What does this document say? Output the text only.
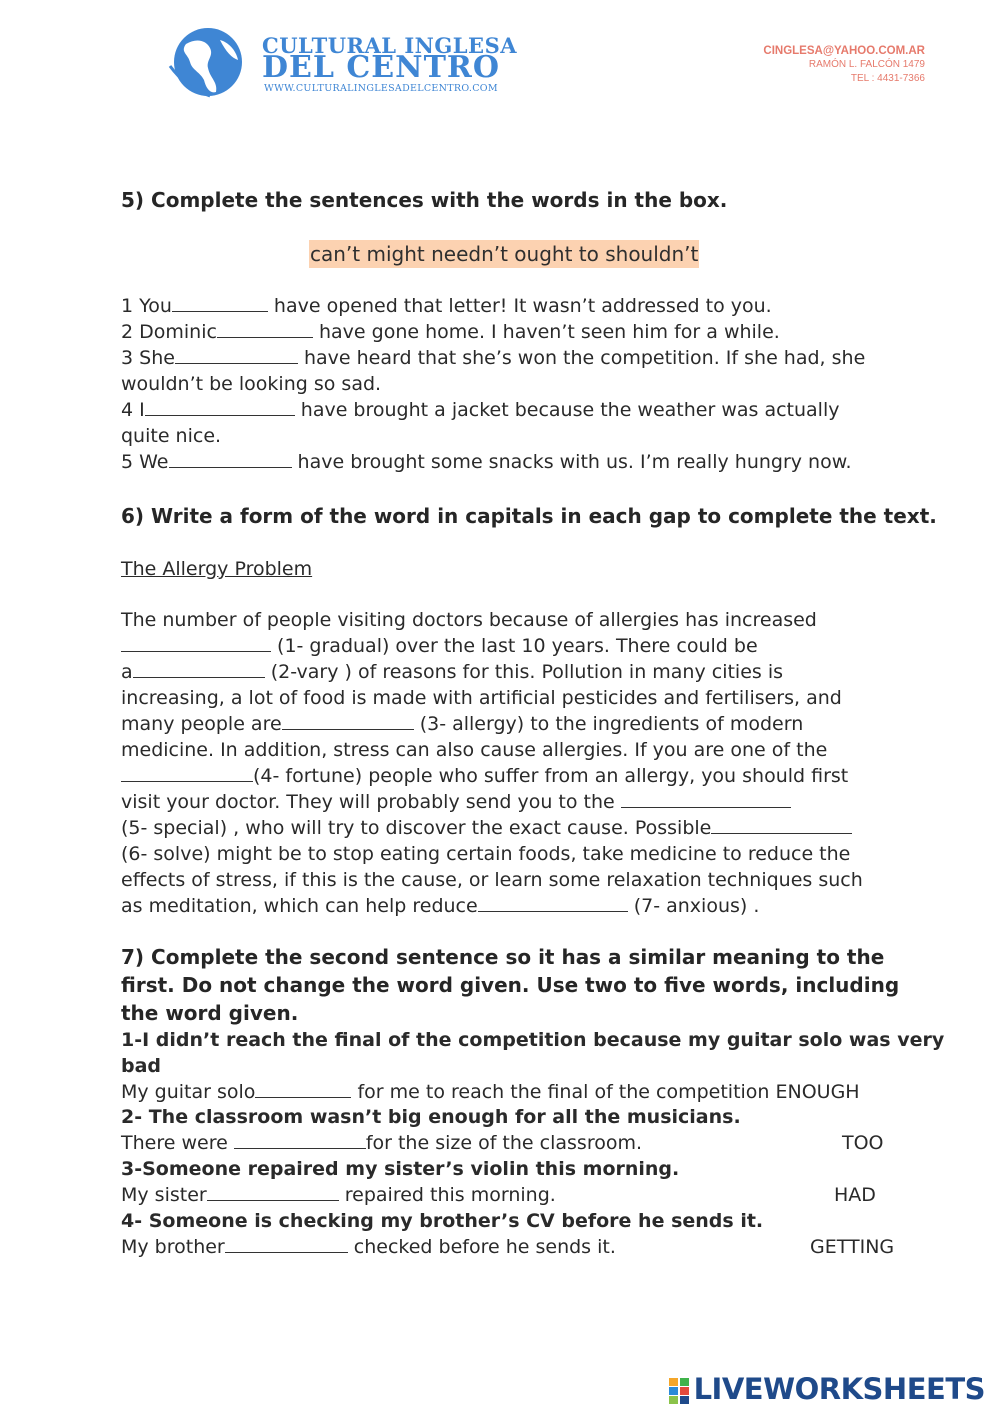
CULTURAL INGLESA
DEL CENTRO
WWW.CULTURALINGLESADELCENTRO.COM
CINGLESA@YAHOO.COM.AR
RAMÓN L. FALCÓN 1479
TEL : 4431-7366
5) Complete the sentences with the words in the box.
can’t might needn’t ought to shouldn’t
1 You	have opened that letter! It wasn’t addressed to you.
2 Dominic	have gone home. I haven’t seen him for a while.
3 She	have heard that she’s won the competition. If she had, she
wouldn’t be looking so sad.
4 I	have brought a jacket because the weather was actually
quite nice.
5 We	have brought some snacks with us. I’m really hungry now.
6) Write a form of the word in capitals in each gap to complete the text.
The Allergy Problem
The number of people visiting doctors because of allergies has increased
(1- gradual) over the last 10 years. There could be
a	(2-vary ) of reasons for this. Pollution in many cities is
increasing, a lot of food is made with artificial pesticides and fertilisers, and
many people are	(3- allergy) to the ingredients of modern
medicine. In addition, stress can also cause allergies. If you are one of the
(4- fortune) people who suffer from an allergy, you should first
visit your doctor. They will probably send you to the
(5- special) , who will try to discover the exact cause. Possible
(6- solve) might be to stop eating certain foods, take medicine to reduce the
effects of stress, if this is the cause, or learn some relaxation techniques such
as meditation, which can help reduce	(7- anxious) .
7) Complete the second sentence so it has a similar meaning to the
first. Do not change the word given. Use two to five words, including
the word given.
1-I didn’t reach the final of the competition because my guitar solo was very
bad
My guitar solo	for me to reach the final of the competition ENOUGH
2- The classroom wasn’t big enough for all the musicians.
There were	for the size of the classroom.	TOO
3-Someone repaired my sister’s violin this morning.
My sister	repaired this morning.	HAD
4- Someone is checking my brother’s CV before he sends it.
My brother	checked before he sends it.	GETTING
LIVEWORKSHEETS
